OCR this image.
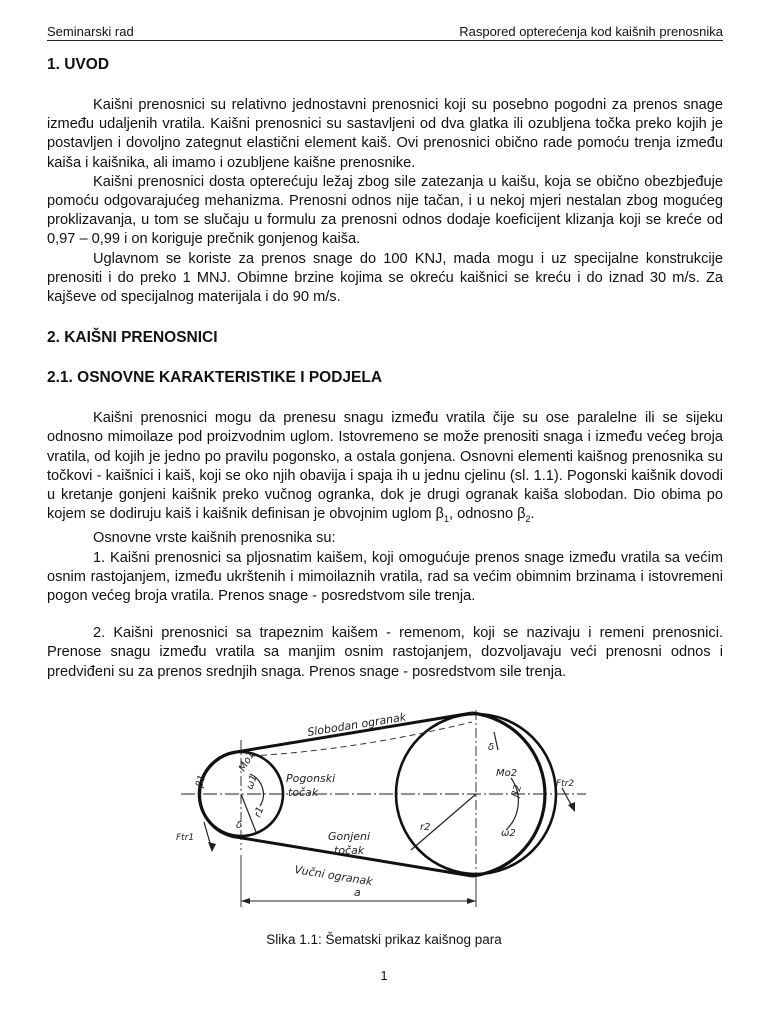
Seminarski rad	Raspored opterećenja kod kaišnih prenosnika
1. UVOD

Kaišni prenosnici su relativno jednostavni prenosnici koji su posebno pogodni za prenos snage između udaljenih vratila. Kaišni prenosnici su sastavljeni od dva glatka ili ozubljena točka preko kojih je postavljen i dovoljno zategnut elastični element kaiš. Ovi prenosnici obično rade pomoću trenja između kaiša i kaišnika, ali imamo i ozubljene kaišne prenosnike.

Kaišni prenosnici dosta opterećuju ležaj zbog sile zatezanja u kaišu, koja se obično obezbjeđuje pomoću odgovarajućeg mehanizma. Prenosni odnos nije tačan, i u nekoj mjeri nestalan zbog mogućeg proklizavanja, u tom se slučaju u formulu za prenosni odnos dodaje koeficijent klizanja koji se kreće od 0,97 – 0,99 i on koriguje prečnik gonjenog kaiša.

Uglavnom se koriste za prenos snage do 100 KNJ, mada mogu i uz specijalne konstrukcije prenositi i do preko 1 MNJ. Obimne brzine kojima se okreću kaišnici se kreću i do iznad 30 m/s. Za kajševe od specijalnog materijala i do 90 m/s.

2. KAIŠNI PRENOSNICI
2.1. OSNOVNE KARAKTERISTIKE I PODJELA

Kaišni prenosnici mogu da prenesu snagu između vratila čije su ose paralelne ili se sijeku odnosno mimoilaze pod proizvodnim uglom. Istovremeno se može prenositi snaga i između većeg broja vratila, od kojih je jedno po pravilu pogonsko, a ostala gonjena. Osnovni elementi kaišnog prenosnika su točkovi - kaišnici i kaiš, koji se oko njih obavija i spaja ih u jednu cjelinu (sl. 1.1). Pogonski kaišnik dovodi u kretanje gonjeni kaišnik preko vučnog ogranka, dok je drugi ogranak kaiša slobodan. Dio obima po kojem se dodiruju kaiš i kaišnik definisan je obvojnim uglom $\beta_1$, odnosno $\beta_2$.

Osnovne vrste kaišnih prenosnika su:

1. Kaišni prenosnici sa pljosnatim kaišem, koji omogućuje prenos snage između vratila sa većim osnim rastojanjem, između ukrštenih i mimoilaznih vratila, rad sa većim obimnim brzinama i istovremeni pogon većeg broja vratila. Prenos snage - posredstvom sile trenja.

2. Kaišni prenosnici sa trapeznim kaišem - remenom, koji se nazivaju i remeni prenosnici. Prenose snagu između vratila sa manjim osnim rastojanjem, dozvoljavaju veći prenosni odnos i predviđeni su za prenos srednjih snaga. Prenos snage - posredstvom sile trenja.

Slobodan ogranak
Pogonski
točak
Gonjeni
točak
Vučni ogranak
a
β1
β2
Mo1	Mo2
ω1
ω2
r1
r2
Ftr1
Ftr2
δ
δ
Slika 1.1: Šematski prikaz kaišnog para
1
